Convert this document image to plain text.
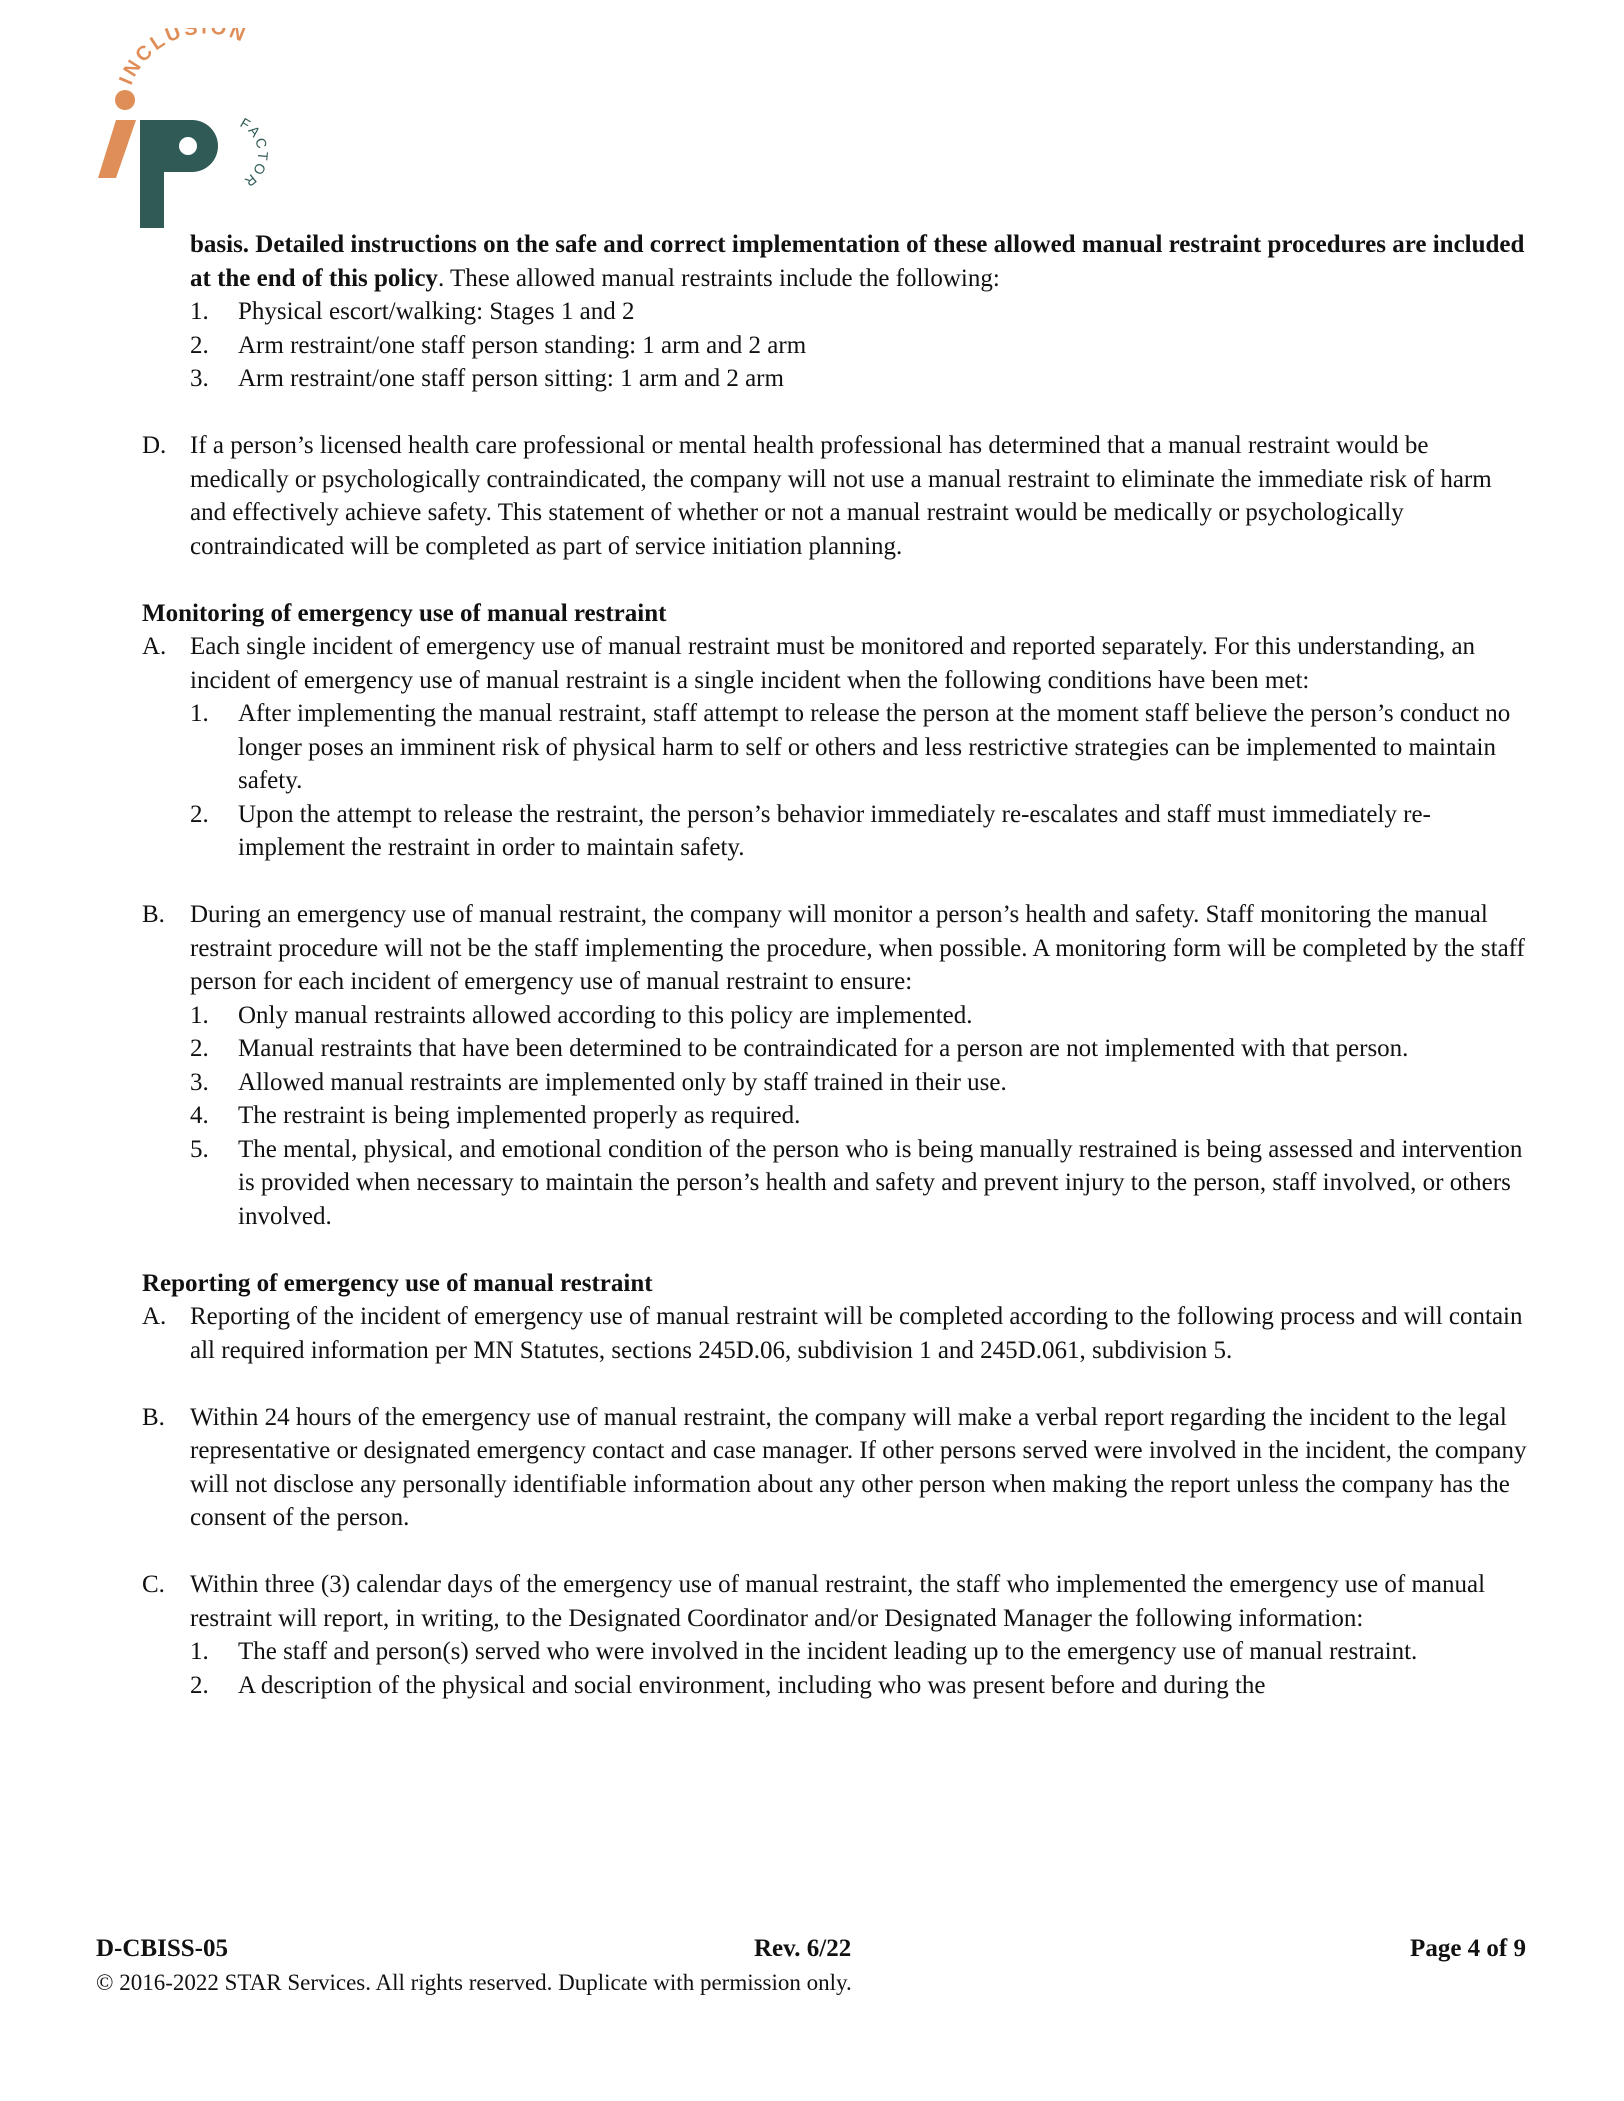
INCLUS ON
FACTOR

basis. Detailed instructions on the safe and correct implementation of these allowed manual restraint procedures are included at the end of this policy. These allowed manual restraints include the following:

1. Physical escort/walking: Stages 1 and 2
2. Arm restraint/one staff person standing: 1 arm and 2 arm
3. Arm restraint/one staff person sitting: 1 arm and 2 arm
D. If a person’s licensed health care professional or mental health professional has determined that a manual restraint would be medically or psychologically contraindicated, the company will not use a manual restraint to eliminate the immediate risk of harm and effectively achieve safety. This statement of whether or not a manual restraint would be medically or psychologically contraindicated will be completed as part of service initiation planning.
Monitoring of emergency use of manual restraint
A. Each single incident of emergency use of manual restraint must be monitored and reported separately. For this understanding, an incident of emergency use of manual restraint is a single incident when the following conditions have been met:
1. After implementing the manual restraint, staff attempt to release the person at the moment staff believe the person’s conduct no longer poses an imminent risk of physical harm to self or others and less restrictive strategies can be implemented to maintain safety.
2. Upon the attempt to release the restraint, the person’s behavior immediately re-escalates and staff must immediately re-implement the restraint in order to maintain safety.
B. During an emergency use of manual restraint, the company will monitor a person’s health and safety. Staff monitoring the manual restraint procedure will not be the staff implementing the procedure, when possible. A monitoring form will be completed by the staff person for each incident of emergency use of manual restraint to ensure:
1. Only manual restraints allowed according to this policy are implemented.
2. Manual restraints that have been determined to be contraindicated for a person are not implemented with that person.
3. Allowed manual restraints are implemented only by staff trained in their use.
4. The restraint is being implemented properly as required.
5. The mental, physical, and emotional condition of the person who is being manually restrained is being assessed and intervention is provided when necessary to maintain the person’s health and safety and prevent injury to the person, staff involved, or others involved.
Reporting of emergency use of manual restraint
A. Reporting of the incident of emergency use of manual restraint will be completed according to the following process and will contain all required information per MN Statutes, sections 245D.06, subdivision 1 and 245D.061, subdivision 5.
B. Within 24 hours of the emergency use of manual restraint, the company will make a verbal report regarding the incident to the legal representative or designated emergency contact and case manager. If other persons served were involved in the incident, the company will not disclose any personally identifiable information about any other person when making the report unless the company has the consent of the person.
C. Within three (3) calendar days of the emergency use of manual restraint, the staff who implemented the emergency use of manual restraint will report, in writing, to the Designated Coordinator and/or Designated Manager the following information:
1. The staff and person(s) served who were involved in the incident leading up to the emergency use of manual restraint.
2. A description of the physical and social environment, including who was present before and during the
D-CBISS-05	Rev. 6/22	Page 4 of 9
© 2016-2022 STAR Services. All rights reserved. Duplicate with permission only.
